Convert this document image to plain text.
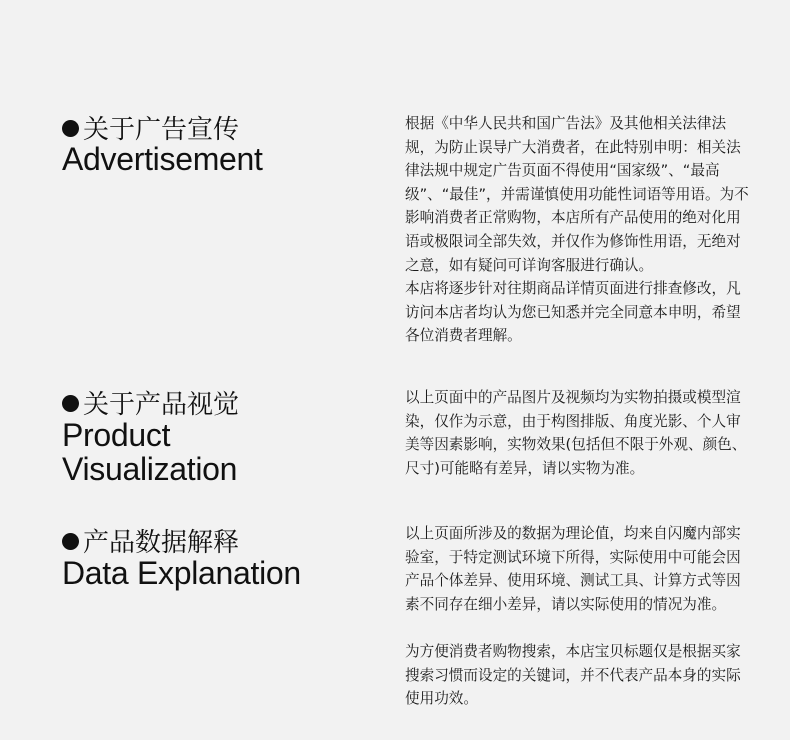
关于广告宣传
Advertisement

根据《中华人民共和国广告法》及其他相关法律法规，为防止误导广大消费者，在此特别申明：相关法律法规中规定广告页面不得使用“国家级”、“最高级”、“最佳”，并需谨慎使用功能性词语等用语。为不影响消费者正常购物，本店所有产品使用的绝对化用语或极限词全部失效，并仅作为修饰性用语，无绝对之意，如有疑问可详询客服进行确认。

本店将逐步针对往期商品详情页面进行排查修改，凡访问本店者均认为您已知悉并完全同意本申明，希望各位消费者理解。

关于产品视觉
Product
Visualization

以上页面中的产品图片及视频均为实物拍摄或模型渲染，仅作为示意，由于构图排版、角度光影、个人审美等因素影响，实物效果(包括但不限于外观、颜色、尺寸)可能略有差异，请以实物为准。

产品数据解释
Data Explanation

以上页面所涉及的数据为理论值，均来自闪魔内部实验室，于特定测试环境下所得，实际使用中可能会因产品个体差异、使用环境、测试工具、计算方式等因素不同存在细小差异，请以实际使用的情况为准。

为方便消费者购物搜索，本店宝贝标题仅是根据买家搜索习惯而设定的关键词，并不代表产品本身的实际使用功效。
